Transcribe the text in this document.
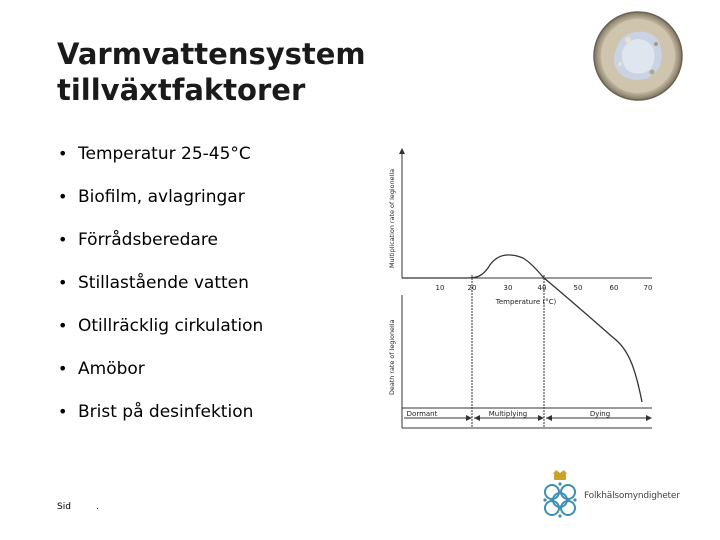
Varmvattensystem
tillväxtfaktorer
• Temperatur 25-45°C
• Biofilm, avlagringar
• Förrådsberedare
• Stillastående vatten
• Otillräcklig cirkulation
• Amöbor
• Brist på desinfektion
10	20	30	40	50	60	70
Temperature (°C)
Dormant	Multiplying	Dying
Multiplication rate of legionella
Death rate of legionella
Sid	.
Folkhälsomyndigheter
